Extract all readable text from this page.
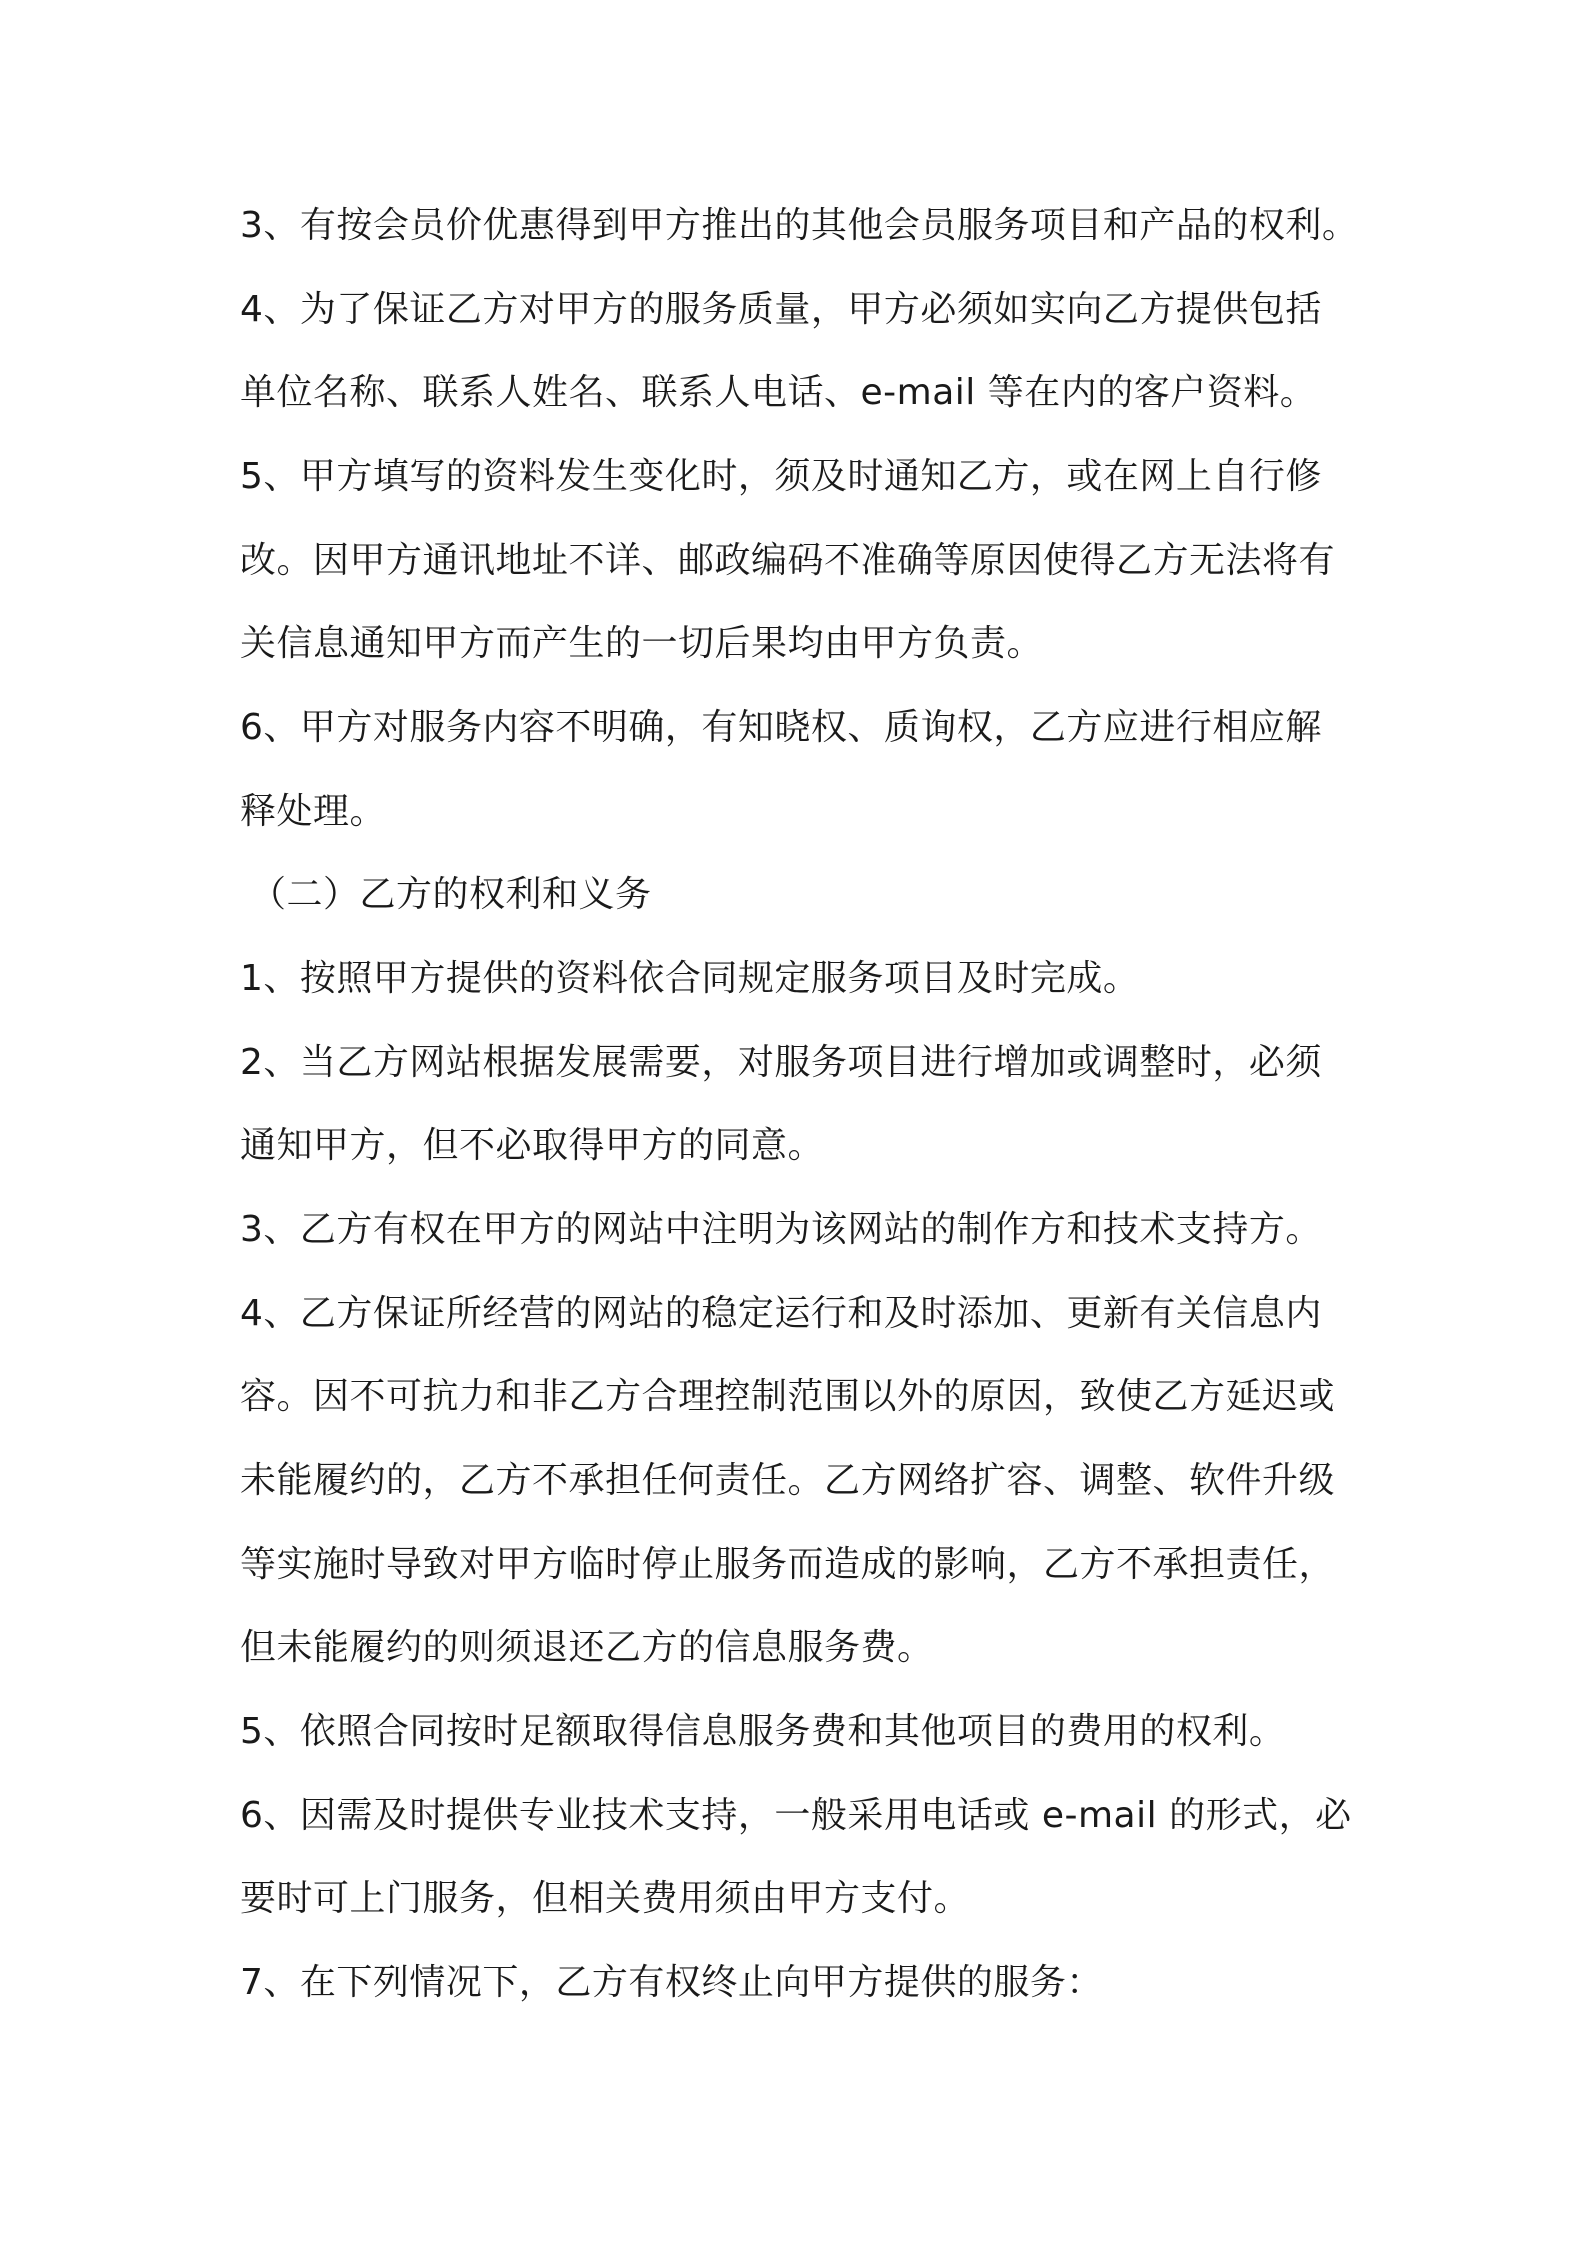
3、有按会员价优惠得到甲方推出的其他会员服务项目和产品的权利。
4、为了保证乙方对甲方的服务质量，甲方必须如实向乙方提供包括
单位名称、联系人姓名、联系人电话、e-mail 等在内的客户资料。
5、甲方填写的资料发生变化时，须及时通知乙方，或在网上自行修
改。因甲方通讯地址不详、邮政编码不准确等原因使得乙方无法将有
关信息通知甲方而产生的一切后果均由甲方负责。
6、甲方对服务内容不明确，有知晓权、质询权，乙方应进行相应解
释处理。
（二）乙方的权利和义务
1、按照甲方提供的资料依合同规定服务项目及时完成。
2、当乙方网站根据发展需要，对服务项目进行增加或调整时，必须
通知甲方，但不必取得甲方的同意。
3、乙方有权在甲方的网站中注明为该网站的制作方和技术支持方。
4、乙方保证所经营的网站的稳定运行和及时添加、更新有关信息内
容。因不可抗力和非乙方合理控制范围以外的原因，致使乙方延迟或
未能履约的，乙方不承担任何责任。乙方网络扩容、调整、软件升级
等实施时导致对甲方临时停止服务而造成的影响，乙方不承担责任，
但未能履约的则须退还乙方的信息服务费。
5、依照合同按时足额取得信息服务费和其他项目的费用的权利。
6、因需及时提供专业技术支持，一般采用电话或 e-mail 的形式，必
要时可上门服务，但相关费用须由甲方支付。
7、在下列情况下，乙方有权终止向甲方提供的服务：
